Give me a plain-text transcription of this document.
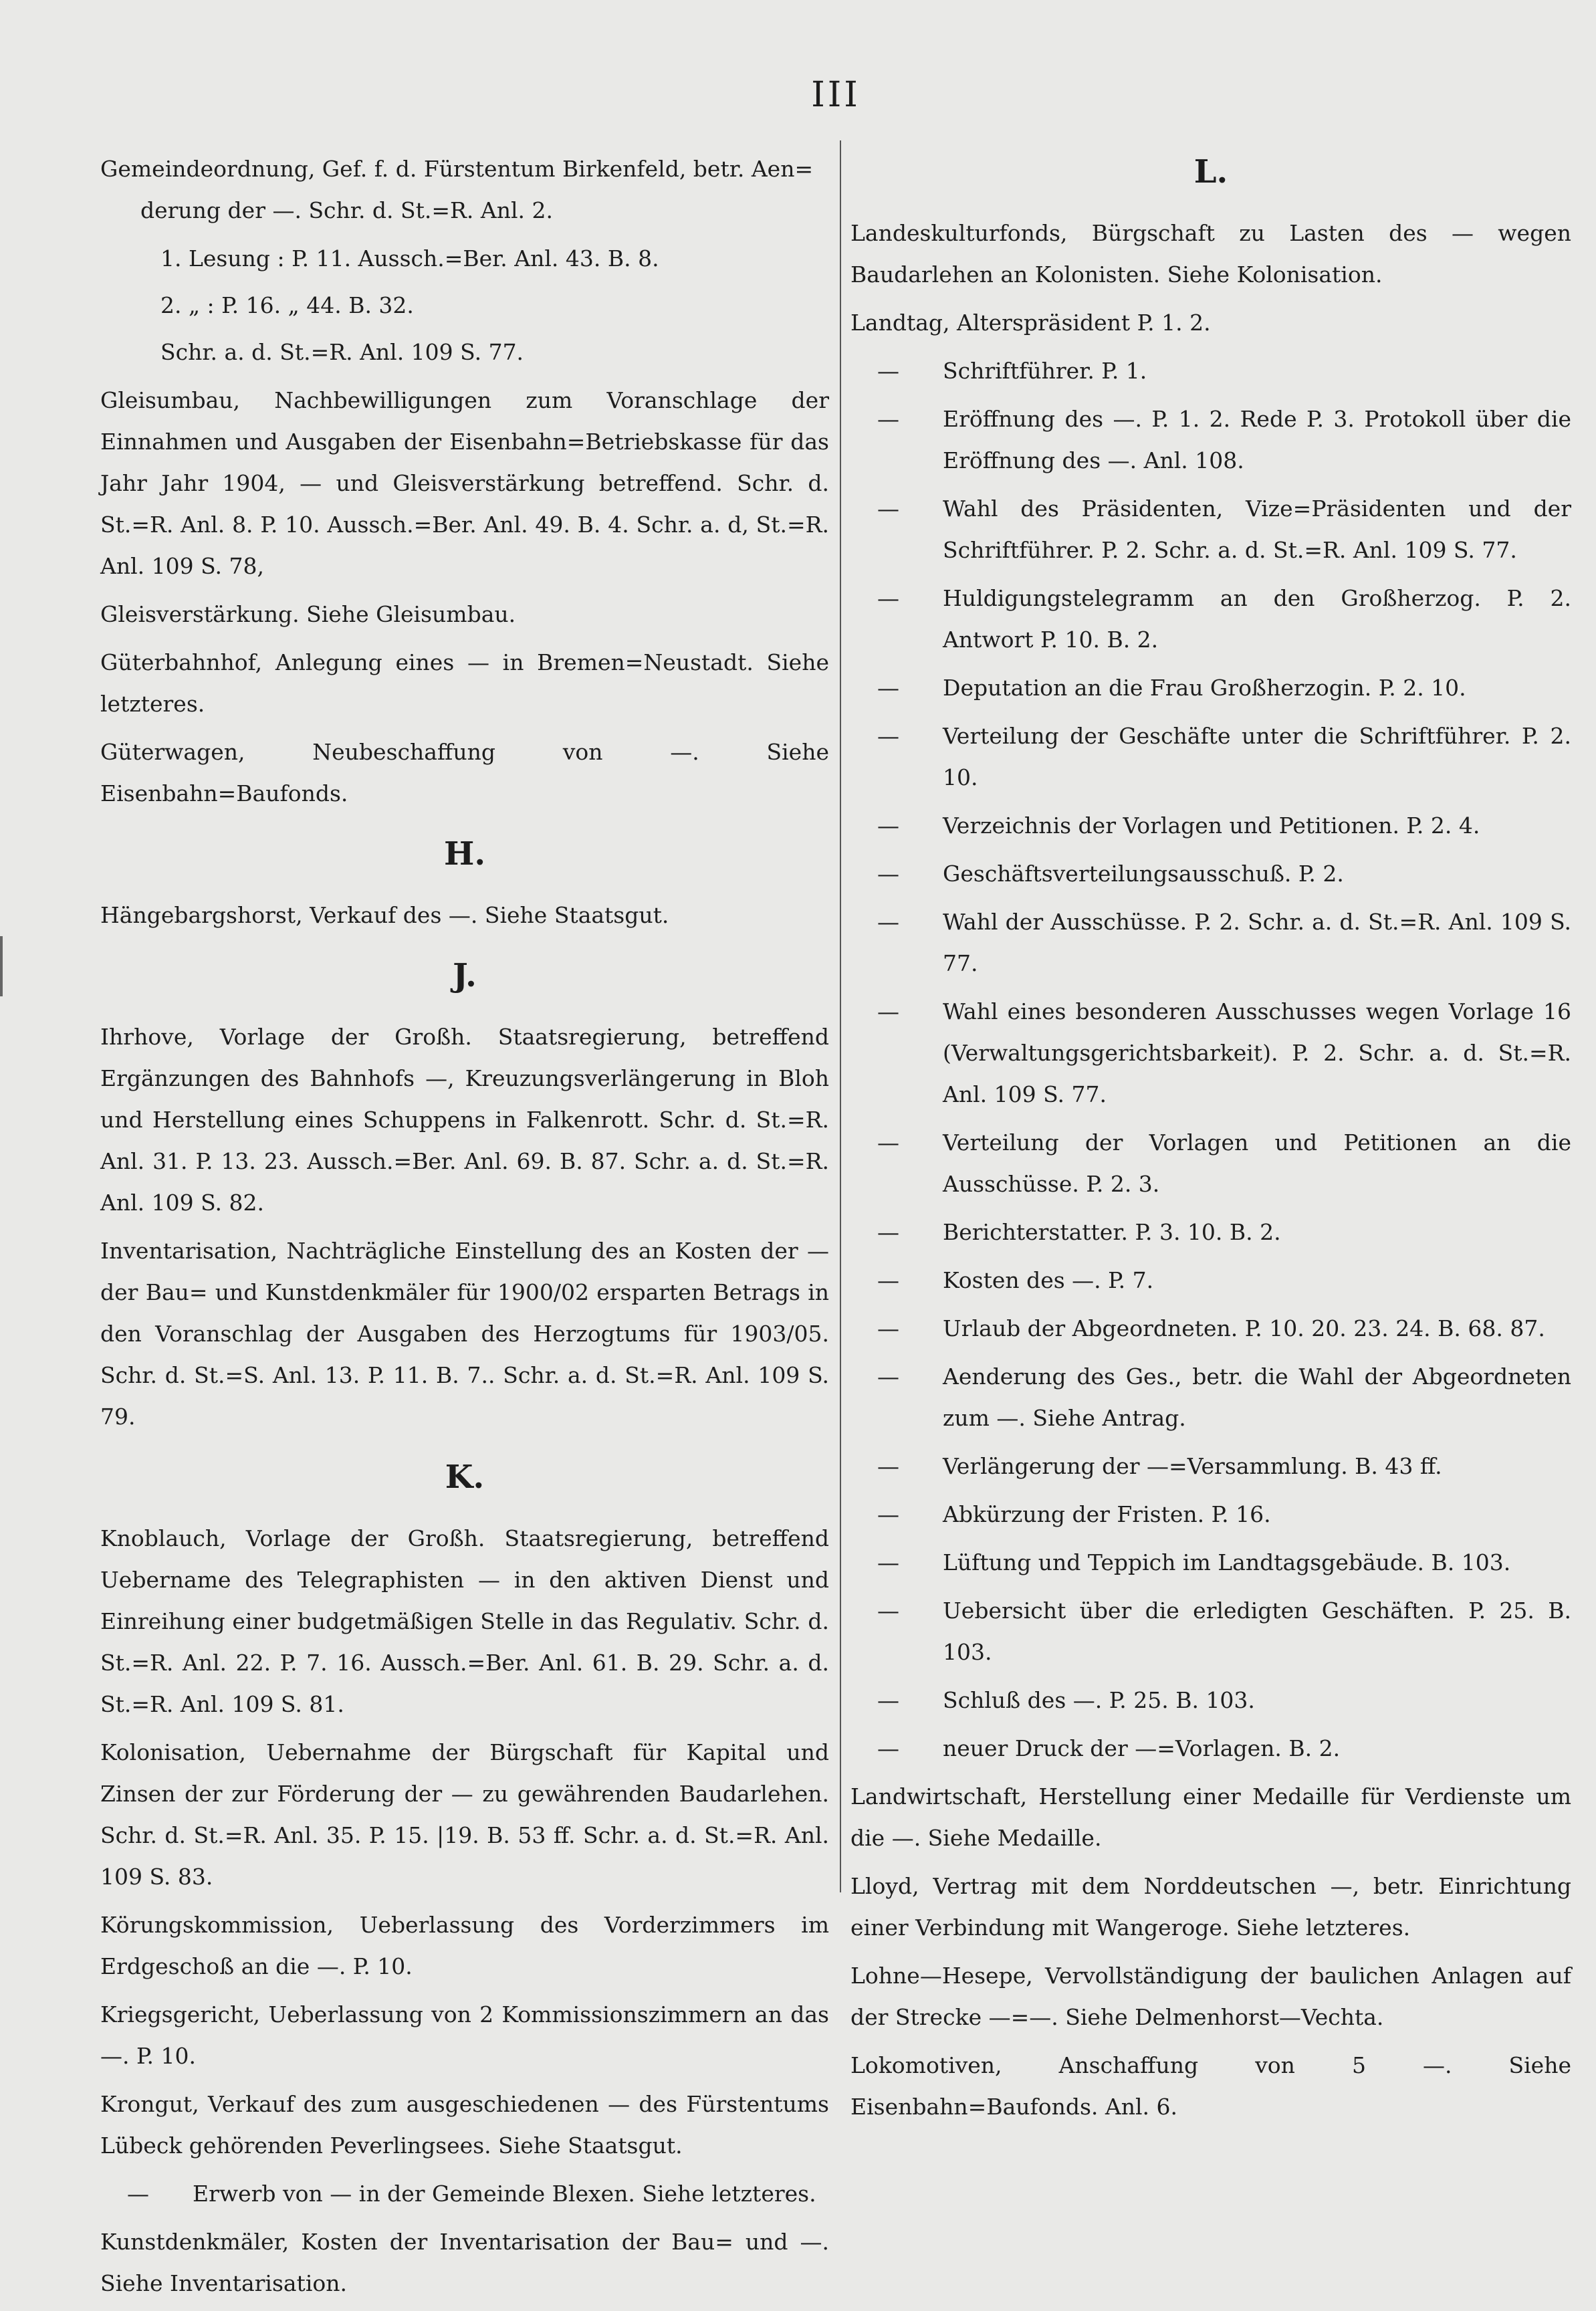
III
Gemeindeordnung, Gef. f. d. Fürstentum Birkenfeld, betr. Aen=
derung der —. Schr. d. St.=R. Anl. 2.
1. Lesung : P. 11. Aussch.=Ber. Anl. 43. B. 8.
2. „ : P. 16. „ 44. B. 32.
Schr. a. d. St.=R. Anl. 109 S. 77.
Gleisumbau, Nachbewilligungen zum Voranschlage der Einnahmen und Ausgaben der Eisenbahn=Betriebskasse für das Jahr Jahr 1904, — und Gleisverstärkung betreffend. Schr. d. St.=R. Anl. 8. P. 10. Aussch.=Ber. Anl. 49. B. 4. Schr. a. d, St.=R. Anl. 109 S. 78,
Gleisverstärkung. Siehe Gleisumbau.
Güterbahnhof, Anlegung eines — in Bremen=Neustadt. Siehe letzteres.
Güterwagen, Neubeschaffung von —. Siehe Eisenbahn=Baufonds.
H.
Hängebargshorst, Verkauf des —. Siehe Staatsgut.
J.
Ihrhove, Vorlage der Großh. Staatsregierung, betreffend Ergänzungen des Bahnhofs —, Kreuzungsverlängerung in Bloh und Herstellung eines Schuppens in Falkenrott. Schr. d. St.=R. Anl. 31. P. 13. 23. Aussch.=Ber. Anl. 69. B. 87. Schr. a. d. St.=R. Anl. 109 S. 82.
Inventarisation, Nachträgliche Einstellung des an Kosten der — der Bau= und Kunstdenkmäler für 1900/02 ersparten Betrags in den Voranschlag der Ausgaben des Herzogtums für 1903/05. Schr. d. St.=S. Anl. 13. P. 11. B. 7.. Schr. a. d. St.=R. Anl. 109 S. 79.
K.
Knoblauch, Vorlage der Großh. Staatsregierung, betreffend Uebername des Telegraphisten — in den aktiven Dienst und Einreihung einer budgetmäßigen Stelle in das Regulativ. Schr. d. St.=R. Anl. 22. P. 7. 16. Aussch.=Ber. Anl. 61. B. 29. Schr. a. d. St.=R. Anl. 109 S. 81.
Kolonisation, Uebernahme der Bürgschaft für Kapital und Zinsen der zur Förderung der — zu gewährenden Baudarlehen. Schr. d. St.=R. Anl. 35. P. 15. |19. B. 53 ff. Schr. a. d. St.=R. Anl. 109 S. 83.
Körungskommission, Ueberlassung des Vorderzimmers im Erdgeschoß an die —. P. 10.
Kriegsgericht, Ueberlassung von 2 Kommissionszimmern an das —. P. 10.
Krongut, Verkauf des zum ausgeschiedenen — des Fürstentums Lübeck gehörenden Peverlingsees. Siehe Staatsgut.
— Erwerb von — in der Gemeinde Blexen. Siehe letzteres.
Kunstdenkmäler, Kosten der Inventarisation der Bau= und —. Siehe Inventarisation.
L.
Landeskulturfonds, Bürgschaft zu Lasten des — wegen Baudarlehen an Kolonisten. Siehe Kolonisation.
Landtag, Alterspräsident P. 1. 2.
— Schriftführer. P. 1.
— Eröffnung des —. P. 1. 2. Rede P. 3. Protokoll über die Eröffnung des —. Anl. 108.
— Wahl des Präsidenten, Vize=Präsidenten und der Schriftführer. P. 2. Schr. a. d. St.=R. Anl. 109 S. 77.
— Huldigungstelegramm an den Großherzog. P. 2. Antwort P. 10. B. 2.
— Deputation an die Frau Großherzogin. P. 2. 10.
— Verteilung der Geschäfte unter die Schriftführer. P. 2. 10.
— Verzeichnis der Vorlagen und Petitionen. P. 2. 4.
— Geschäftsverteilungsausschuß. P. 2.
— Wahl der Ausschüsse. P. 2. Schr. a. d. St.=R. Anl. 109 S. 77.
— Wahl eines besonderen Ausschusses wegen Vorlage 16 (Verwaltungsgerichtsbarkeit). P. 2. Schr. a. d. St.=R. Anl. 109 S. 77.
— Verteilung der Vorlagen und Petitionen an die Ausschüsse. P. 2. 3.
— Berichterstatter. P. 3. 10. B. 2.
— Kosten des —. P. 7.
— Urlaub der Abgeordneten. P. 10. 20. 23. 24. B. 68. 87.
— Aenderung des Ges., betr. die Wahl der Abgeordneten zum —. Siehe Antrag.
— Verlängerung der —=Versammlung. B. 43 ff.
— Abkürzung der Fristen. P. 16.
— Lüftung und Teppich im Landtagsgebäude. B. 103.
— Uebersicht über die erledigten Geschäften. P. 25. B. 103.
— Schluß des —. P. 25. B. 103.
— neuer Druck der —=Vorlagen. B. 2.
Landwirtschaft, Herstellung einer Medaille für Verdienste um die —. Siehe Medaille.
Lloyd, Vertrag mit dem Norddeutschen —, betr. Einrichtung einer Verbindung mit Wangeroge. Siehe letzteres.
Lohne—Hesepe, Vervollständigung der baulichen Anlagen auf der Strecke —=—. Siehe Delmenhorst—Vechta.
Lokomotiven, Anschaffung von 5 —. Siehe Eisenbahn=Baufonds. Anl. 6.
